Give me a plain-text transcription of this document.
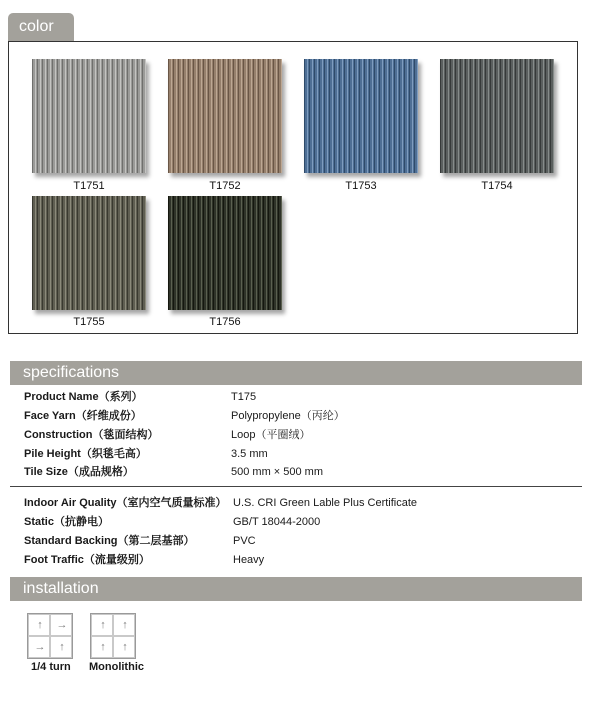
color
T1751	T1752	T1753	T1754
T1755	T1756
specifications
Product Name（系列）	T175
Face Yarn（纤维成份）	Polypropylene（丙纶）
Construction（毯面结构）	Loop（平圈绒）
Pile Height（织毯毛高）	3.5 mm
Tile Size（成品规格）	500 mm × 500 mm
Indoor Air Quality（室内空气质量标准） U.S. CRI Green Lable Plus Certificate
Static（抗静电）	GB/T 18044-2000
Standard Backing（第二层基部）	PVC
Foot Traffic（流量级别）	Heavy
installation
↑	→
→	↑
1/4 turn
↑	↑
↑	↑
Monolithic
